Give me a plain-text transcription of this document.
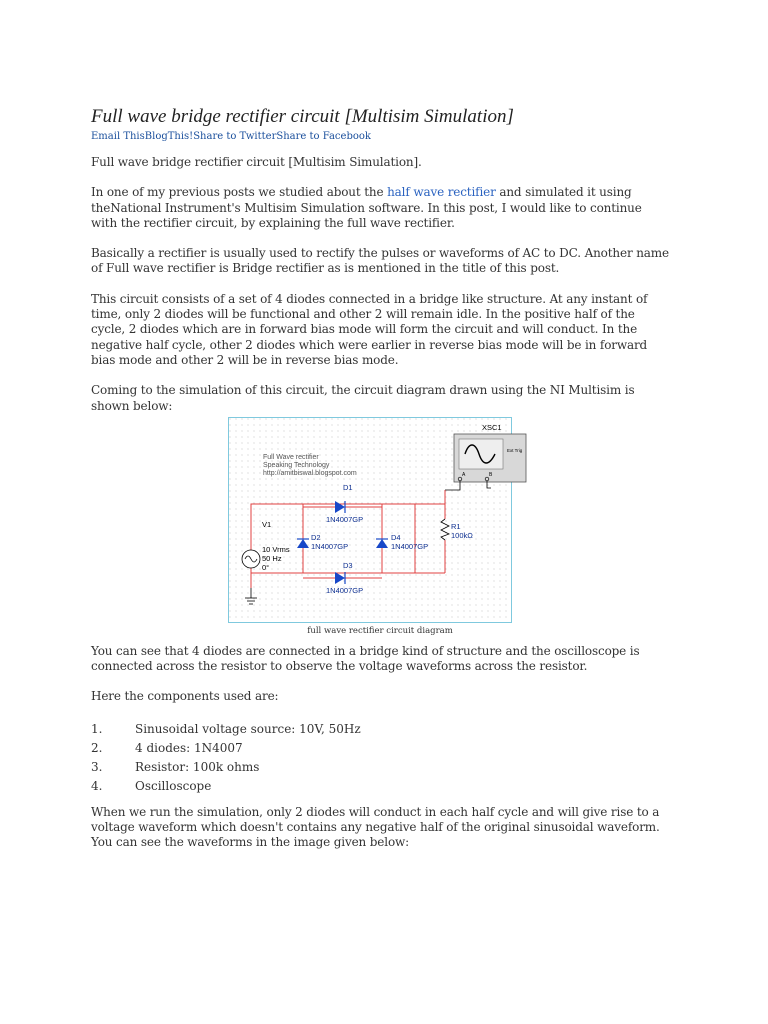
Full wave bridge rectifier circuit [Multisim Simulation]
Email ThisBlogThis!Share to TwitterShare to Facebook

Full wave bridge rectifier circuit [Multisim Simulation].

In one of my previous posts we studied about the half wave rectifier and simulated it using theNational Instrument's Multisim Simulation software. In this post, I would like to continue with the rectifier circuit, by explaining the full wave rectifier.

Basically a rectifier is usually used to rectify the pulses or waveforms of AC to DC. Another name of Full wave rectifier is Bridge rectifier as is mentioned in the title of this post.

This circuit consists of a set of 4 diodes connected in a bridge like structure. At any instant of time, only 2 diodes will be functional and other 2 will remain idle. In the positive half of the cycle, 2 diodes which are in forward bias mode will form the circuit and will conduct. In the negative half cycle, other 2 diodes which were earlier in reverse bias mode will be in forward bias mode and other 2 will be in reverse bias mode.

Coming to the simulation of this circuit, the circuit diagram drawn using the NI Multisim is shown below:

Full Wave rectifier
Speaking Technology
http://amitbiswal.blogspot.com
XSC1
Ext Trig
A	B
V1
10 Vrms
50 Hz
0°
D1
1N4007GP
D2
1N4007GP
D4
1N4007GP
D3
1N4007GP
R1
100kΩ
full wave rectifier circuit diagram

You can see that 4 diodes are connected in a bridge kind of structure and the oscilloscope is connected across the resistor to observe the voltage waveforms across the resistor.

Here the components used are:

1.	Sinusoidal voltage source: 10V, 50Hz
2.	4 diodes: 1N4007
3.	Resistor: 100k ohms
4.	Oscilloscope

When we run the simulation, only 2 diodes will conduct in each half cycle and will give rise to a voltage waveform which doesn't contains any negative half of the original sinusoidal waveform. You can see the waveforms in the image given below:
